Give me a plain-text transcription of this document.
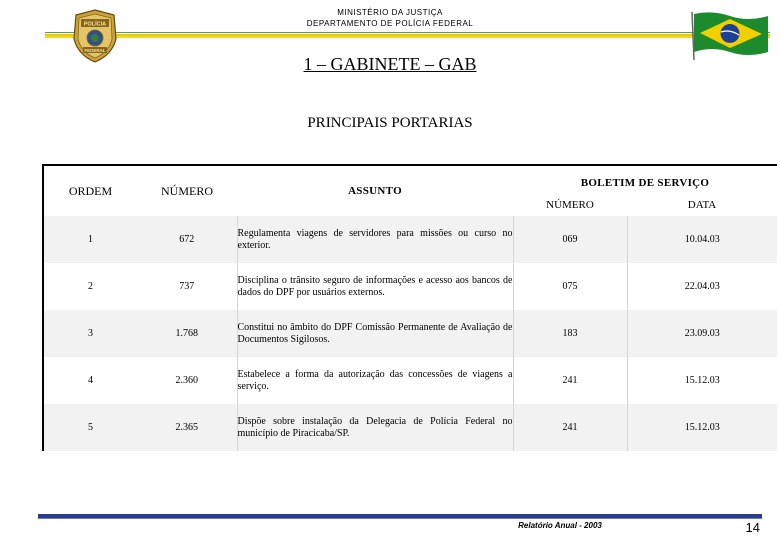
MINISTÉRIO DA JUSTIÇA
DEPARTAMENTO DE POLÍCIA FEDERAL
POLÍCIA
FEDERAL
1 – GABINETE – GAB
PRINCIPAIS PORTARIAS
ORDEM	NÚMERO	ASSUNTO	BOLETIM DE SERVIÇO	
			NÚMERO	DATA
1	672	Regulamenta viagens de servidores para missões ou curso no exterior.	069	10.04.03
2	737	Disciplina o trânsito seguro de informações e acesso aos bancos de dados do DPF por usuários externos.	075	22.04.03
3	1.768	Constitui no âmbito do DPF Comissão Permanente de Avaliação de Documentos Sigilosos.	183	23.09.03
4	2.360	Estabelece a forma da autorização das concessões de viagens a serviço.	241	15.12.03
5	2.365	Dispõe sobre instalação da Delegacia de Polícia Federal no município de Piracicaba/SP.	241	15.12.03
Relatório Anual - 2003	14
